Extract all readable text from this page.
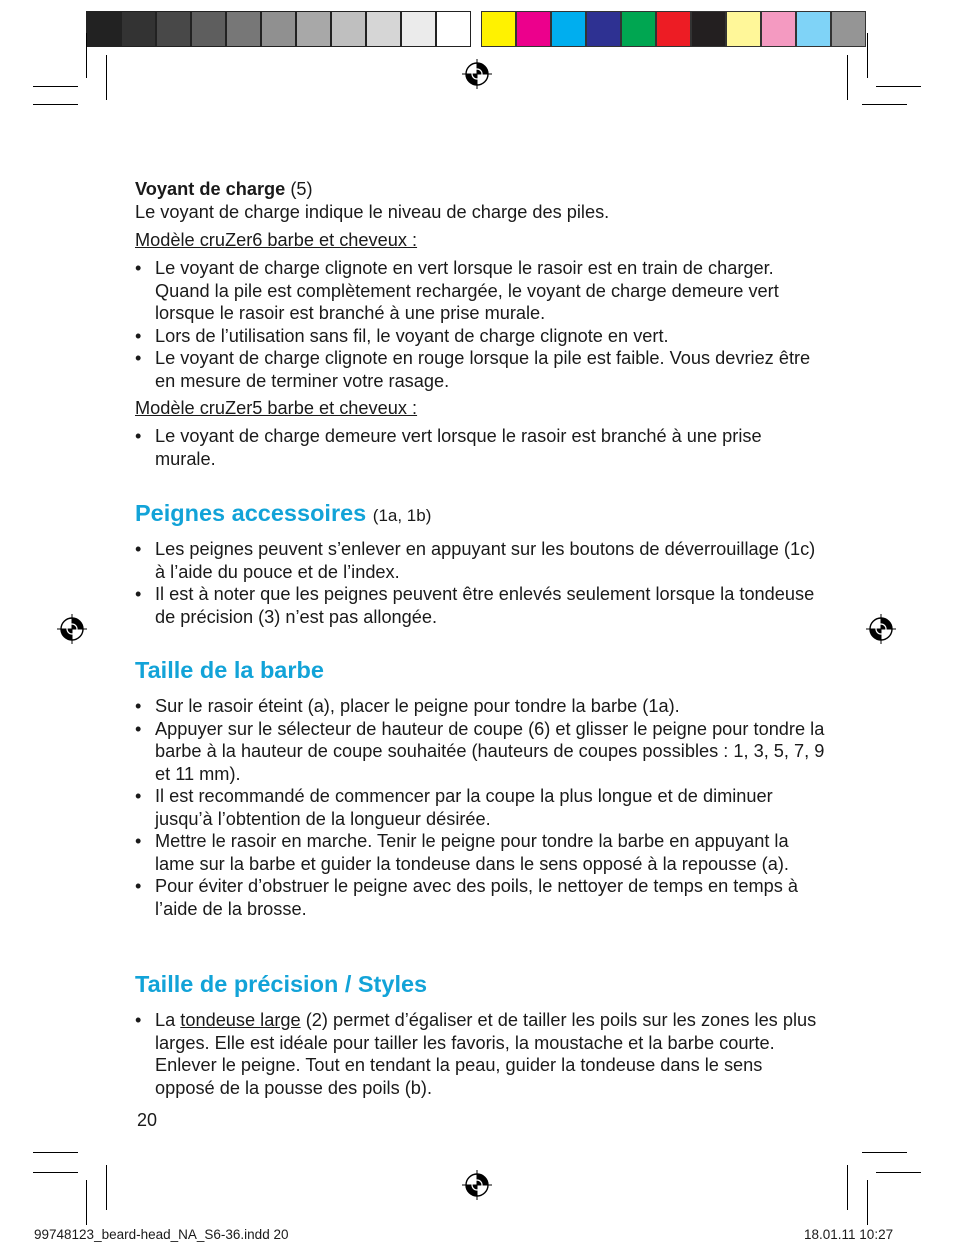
Voyant de charge (5)
Le voyant de charge indique le niveau de charge des piles.
Modèle cruZer6 barbe et cheveux :
• Le voyant de charge clignote en vert lorsque le rasoir est en train de charger. Quand la pile est complètement rechargée, le voyant de charge demeure vert lorsque le rasoir est branché à une prise murale.
• Lors de l’utilisation sans fil, le voyant de charge clignote en vert.
• Le voyant de charge clignote en rouge lorsque la pile est faible. Vous devriez être en mesure de terminer votre rasage.
Modèle cruZer5 barbe et cheveux :
• Le voyant de charge demeure vert lorsque le rasoir est branché à une prise murale.
Peignes accessoires (1a, 1b)
• Les peignes peuvent s’enlever en appuyant sur les boutons de déverrouillage (1c) à l’aide du pouce et de l’index.
• Il est à noter que les peignes peuvent être enlevés seulement lorsque la tondeuse de précision (3) n’est pas allongée.
Taille de la barbe
• Sur le rasoir éteint (a), placer le peigne pour tondre la barbe (1a).
• Appuyer sur le sélecteur de hauteur de coupe (6) et glisser le peigne pour tondre la barbe à la hauteur de coupe souhaitée (hauteurs de coupes possibles : 1, 3, 5, 7, 9 et 11 mm).
• Il est recommandé de commencer par la coupe la plus longue et de diminuer jusqu’à l’obtention de la longueur désirée.
• Mettre le rasoir en marche. Tenir le peigne pour tondre la barbe en appuyant la lame sur la barbe et guider la tondeuse dans le sens opposé à la repousse (a).
• Pour éviter d’obstruer le peigne avec des poils, le nettoyer de temps en temps à l’aide de la brosse.
Taille de précision / Styles
• La tondeuse large (2) permet d’égaliser et de tailler les poils sur les zones les plus larges. Elle est idéale pour tailler les favoris, la moustache et la barbe courte. Enlever le peigne. Tout en tendant la peau, guider la tondeuse dans le sens opposé de la pousse des poils (b).
20
99748123_beard-head_NA_S6-36.indd 20	18.01.11 10:27
